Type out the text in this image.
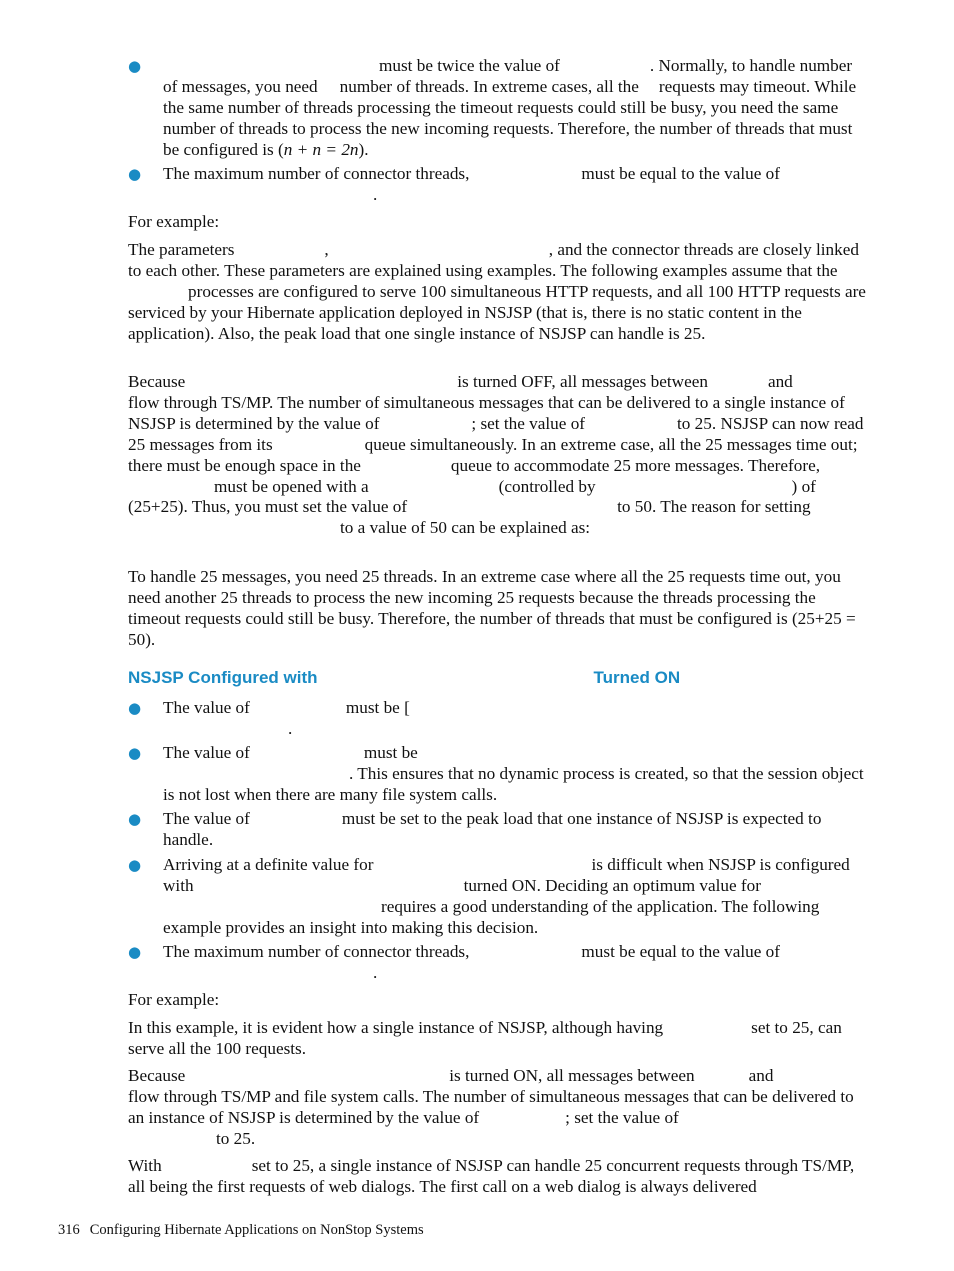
●	must be twice the value of	. Normally, to handle number of messages, you need number of threads. In extreme cases, all the requests may timeout. While the same number of threads processing the timeout requests could still be busy, you need the samenumber of threads to process the new incoming requests. Therefore, the number of threads that must be configured is (n + n = 2n).
● The maximum number of connector threads,	must be equal to the value of
.

For example:

The parameters	,	, and the connector threads are closely linked to each other. These parameters are explained using examples. The following examples assume that theprocesses are configured to serve 100 simultaneous HTTP requests, and all 100 HTTP requests are serviced by your Hibernate application deployed in NSJSP (that is, there is no static content in the application). Also, the peak load that one single instance of NSJSP can handle is 25.

Because	is turned OFF, all messages between	andflow through TS/MP. The number of simultaneous messages that can be delivered to a single instance of NSJSP is determined by the value of	; set the value of	to 25. NSJSP can now read 25 messages from its	queue simultaneously. In an extreme case, all the 25 messages time out; there must be enough space in the	queue to accommodate 25 more messages. Therefore,must be opened with a	(controlled by	) of (25+25). Thus, you must set the value of	to 50. The reason for settingto a value of 50 can be explained as:

To handle 25 messages, you need 25 threads. In an extreme case where all the 25 requests time out, you need another 25 threads to process the new incoming 25 requests because the threads processing the timeout requests could still be busy. Therefore, the number of threads that must be configured is (25+25 = 50).

NSJSP Configured with	Turned ON
● The value of	must be [
.
● The value of	must be
. This ensures that no dynamic process is created, so that the session object is not lost when there are many file system calls.
● The value of	must be set to the peak load that one instance of NSJSP is expected to handle.
● Arriving at a definite value for	is difficult when NSJSP is configured with	turned ON. Deciding an optimum value forrequires a good understanding of the application. The following example provides an insight into making this decision.
● The maximum number of connector threads,	must be equal to the value of
.

For example:

In this example, it is evident how a single instance of NSJSP, although having	set to 25, can serve all the 100 requests.

Because	is turned ON, all messages between	and
flow through TS/MP and file system calls. The number of simultaneous messages that can be delivered to an instance of NSJSP is determined by the value of	; set the value of
to 25.

With	set to 25, a single instance of NSJSP can handle 25 concurrent requests through TS/MP, all being the first requests of web dialogs. The first call on a web dialog is always delivered

316 Configuring Hibernate Applications on NonStop Systems
